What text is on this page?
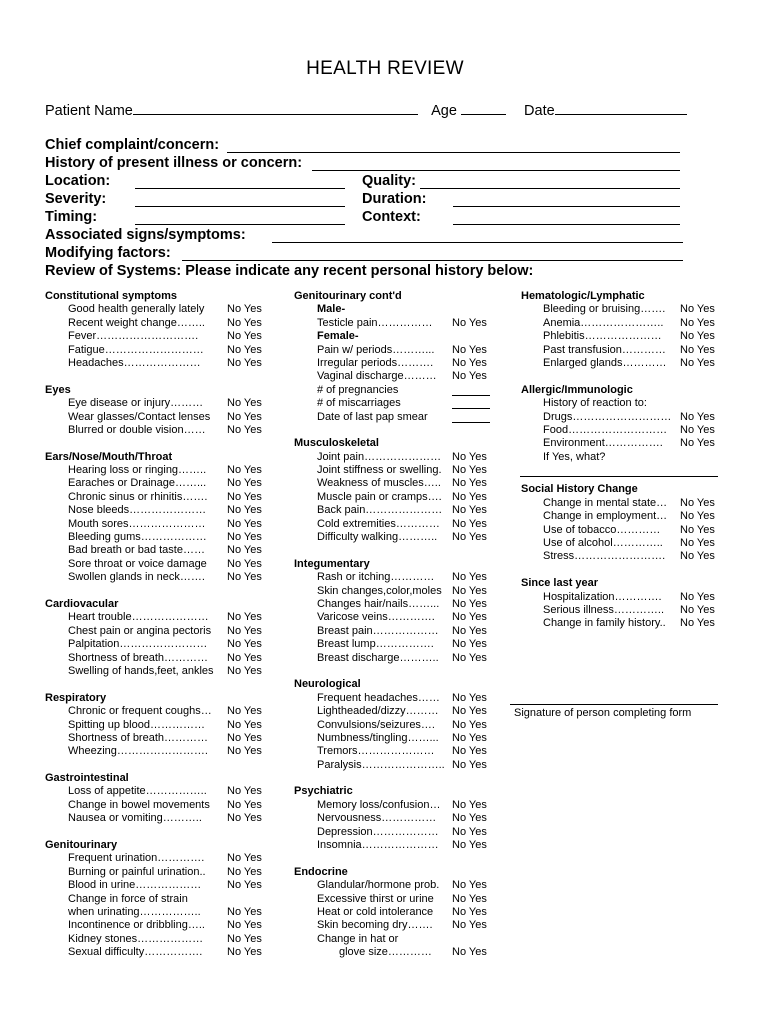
HEALTH REVIEW
Patient Name	Age	Date
Chief complaint/concern:
History of present illness or concern:
Location:	Quality:
Severity:	Duration:
Timing:	Context:
Associated signs/symptoms:
Modifying factors:
Review of Systems: Please indicate any recent personal history below:
Constitutional symptoms
Good health generally lately No Yes
Recent weight change…….. No Yes
Fever……………………….	No Yes
Fatigue……………………… No Yes
Headaches………………… No Yes
Eyes
Eye disease or injury……… No Yes
Wear glasses/Contact lenses No Yes
Blurred or double vision…… No Yes
Ears/Nose/Mouth/Throat
Hearing loss or ringing…….. No Yes
Earaches or Drainage……... No Yes
Chronic sinus or rhinitis……. No Yes
Nose bleeds………………… No Yes
Mouth sores………………… No Yes
Bleeding gums……………… No Yes
Bad breath or bad taste…… No Yes
Sore throat or voice damage No Yes
Swollen glands in neck……. No Yes
Cardiovacular
Heart trouble………………… No Yes
Chest pain or angina pectoris No Yes
Palpitation…………………… No Yes
Shortness of breath………… No Yes
Swelling of hands,feet, ankles No Yes
Respiratory
Chronic or frequent coughs… No Yes
Spitting up blood…………… No Yes
Shortness of breath………… No Yes
Wheezing……………………. No Yes
Gastrointestinal
Loss of appetite…………….. No Yes
Change in bowel movements No Yes
Nausea or vomiting……….. No Yes
Genitourinary
Frequent urination…………. No Yes
Burning or painful urination.. No Yes
Blood in urine……………… No Yes
Change in force of strain
when urinating…………….. No Yes
Incontinence or dribbling….. No Yes
Kidney stones……………… No Yes
Sexual difficulty……………. No Yes
Genitourinary cont'd
Male-
Testicle pain…………… No Yes
Female-
Pain w/ periods………... No Yes
Irregular periods………. No Yes
Vaginal discharge……… No Yes
# of pregnancies
# of miscarriages
Date of last pap smear
Musculoskeletal
Joint pain………………… No Yes
Joint stiffness or swelling. No Yes
Weakness of muscles….. No Yes
Muscle pain or cramps…. No Yes
Back pain………………… No Yes
Cold extremities………… No Yes
Difficulty walking……….. No Yes
Integumentary
Rash or itching………… No Yes
Skin changes,color,moles No Yes
Changes hair/nails……... No Yes
Varicose veins…………. No Yes
Breast pain……………… No Yes
Breast lump……………. No Yes
Breast discharge……….. No Yes
Neurological
Frequent headaches…… No Yes
Lightheaded/dizzy……… No Yes
Convulsions/seizures…. No Yes
Numbness/tingling……... No Yes
Tremors………………… No Yes
Paralysis………………….. No Yes
Psychiatric
Memory loss/confusion… No Yes
Nervousness…………… No Yes
Depression……………… No Yes
Insomnia………………… No Yes
Endocrine
Glandular/hormone prob. No Yes
Excessive thirst or urine No Yes
Heat or cold intolerance No Yes
Skin becoming dry……. No Yes
Change in hat or
glove size………… No Yes
Hematologic/Lymphatic
Bleeding or bruising……. No Yes
Anemia………………….. No Yes
Phlebitis………………… No Yes
Past transfusion………… No Yes
Enlarged glands………… No Yes
Allergic/Immunologic
History of reaction to:
Drugs……………………… No Yes
Food……………………… No Yes
Environment……………. No Yes
If Yes, what?
Social History Change
Change in mental state… No Yes
Change in employment… No Yes
Use of tobacco………… No Yes
Use of alcohol………….. No Yes
Stress……………………. No Yes
Since last year
Hospitalization…………. No Yes
Serious illness………….. No Yes
Change in family history.. No Yes
Signature of person completing form
